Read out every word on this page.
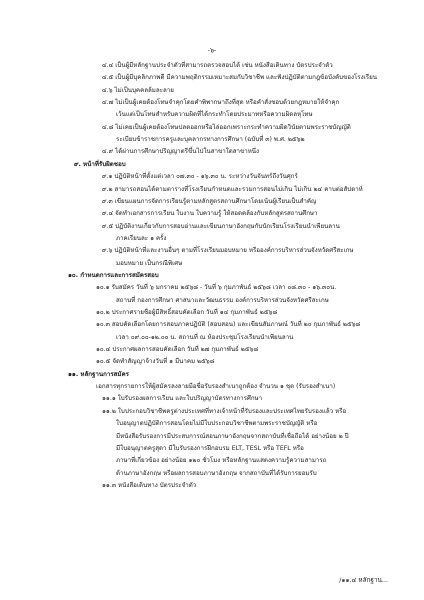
-๖-
๔.๔ เป็นผู้มีหลักฐานประจำตัวที่สามารถตรวจสอบได้ เช่น หนังสือเดินทาง บัตรประจำตัว
๔.๕ เป็นผู้มีบุคลิกภาพดี มีความพฤติกรรมเหมาะสมกับวิชาชีพ และฟังปฏิบัติตามกฎข้อบังคับของโรงเรียน
๔.๖ ไม่เป็นบุคคลล้มละลาย
๔.๗ ไม่เป็นผู้เคยต้องโทษจำคุกโดยคำพิพากษาถึงที่สุด หรือคำสั่งชอบด้วยกฎหมายให้จำคุก
เว้นแต่เป็นโทษสำหรับความผิดที่ได้กระทำโดยประมาทหรือความผิดลหุโทษ
๔.๘ ไม่เคยเป็นผู้เคยต้องโทษปลดออกหรือไล่ออกเพราะกระทำความผิดวินัยตามพระราชบัญญัติ
ระเบียบข้าราชการครูและบุคลากรทางการศึกษา (ฉบับที่ ๓) พ.ศ. ๒๕๖๒
๔.๙ ได้ผ่านการศึกษาปริญญาตรีขึ้นไปในสาขาใดสาขาหนึ่ง
๙. หน้าที่รับผิดชอบ
๙.๑ ปฏิบัติหน้าที่ตั้งแต่เวลา ๐๗.๓๐ - ๑๖.๓๐ น. ระหว่างวันจันทร์ถึงวันศุกร์
๙.๒ สามารถสอนได้ตามตารางที่โรงเรียนกำหนดและรวมการสอนไม่เกิน ไม่เกิน ๒๔ คาบต่อสัปดาห์
๙.๓ เขียนแผนการจัดการเรียนรู้ตามหลักสูตรสถานศึกษาโดยเน้นผู้เรียนเป็นสำคัญ
๙.๔ จัดทำเอกสารการเรียน ใบงาน ใบความรู้ ให้สอดคล้องกับหลักสูตรสถานศึกษา
๙.๕ ปฏิบัติงานเกี่ยวกับการสอบอ่านและเขียนภาษาอังกฤษกับนักเรียนโรงเรียนนำเพียนลาน
ภาคเรียนละ ๑ ครั้ง
๙.๖ ปฏิบัติหน้าที่และงานอื่นๆ ตามที่โรงเรียนมอบหมาย หรือองค์การบริหารส่วนจังหวัดศรีสะเกษ
มอบหมาย เป็นกรณีพิเศษ
๑๐. กำหนดการและการสมัครสอบ
๑๐.๑ รับสมัคร วันที่ ๖ มกราคม ๒๕๖๘ - วันที่ ๖ กุมภาพันธ์ ๒๕๖๘ เวลา ๐๘.๓๐ - ๑๖.๓๐น.
สถานที่ กองการศึกษา ศาสนาและวัฒนธรรม องค์การบริหารส่วนจังหวัดศรีสะเกษ
๑๐.๒ ประกาศรายชื่อผู้มีสิทธิ์สอบคัดเลือก วันที่ ๑๔ กุมภาพันธ์ ๒๕๖๘
๑๐.๓ สอบคัดเลือกโดยการสอบภาคปฏิบัติ (สอบสอน) และเขียนสัมภาษณ์ วันที่ ๒๐ กุมภาพันธ์ ๒๕๖๘
เวลา ๐๙.๐๐-๑๒.๐๐ น. สถานที่ ณ ห้องประชุมโรงเรียนนำเพียนลาน
๑๐.๔ ประกาศผลการสอบคัดเลือก วันที่ ๒๗ กุมภาพันธ์ ๒๕๖๘
๑๐.๕ จัดทำสัญญาจ้างวันที่ ๑ มีนาคม ๒๕๖๘
๑๑. หลักฐานการสมัคร
เอกสารทุกรายการให้ผู้สมัครลงลายมือชื่อรับรองสำเนาถูกต้อง จำนวน ๑ ชุด (รับรองสำเนา)
๑๑.๑ ใบรับรองผลการเรียน และใบปริญญาบัตรทางการศึกษา
๑๑.๒ ใบประกอบวิชาชีพครูต่างประเทศที่ทางเจ้าหน้าที่รับรองและประเทศไทยรับรองแล้ว หรือ
ใบอนุญาตปฏิบัติการสอนโดยไม่มีใบประกอบวิชาชีพตามพระราชบัญญัติ หรือ
มีหนังสือรับรองการมีประสบการณ์สอนภาษาอังกฤษจากสถาบันที่เชื่อถือได้ อย่างน้อย ๒ ปี
มีใบอนุญาตครูสุดา มีใบรับรองการฝึกอบรม ELT, TESL หรือ TEFL หรือ
ภาษาที่เกี่ยวข้อง อย่างน้อย ๑๒๐ ชั่วโมง หรือหลักฐานแสดงความรู้ความสามารถ
ด้านภาษาอังกฤษ หรือผลการสอบภาษาอังกฤษ จากสถาบันที่ได้รับการยอมรับ
๑๑.๓ หนังสือเดินทาง บัตรประจำตัว
/๑๑.๔ หลักฐาน...
